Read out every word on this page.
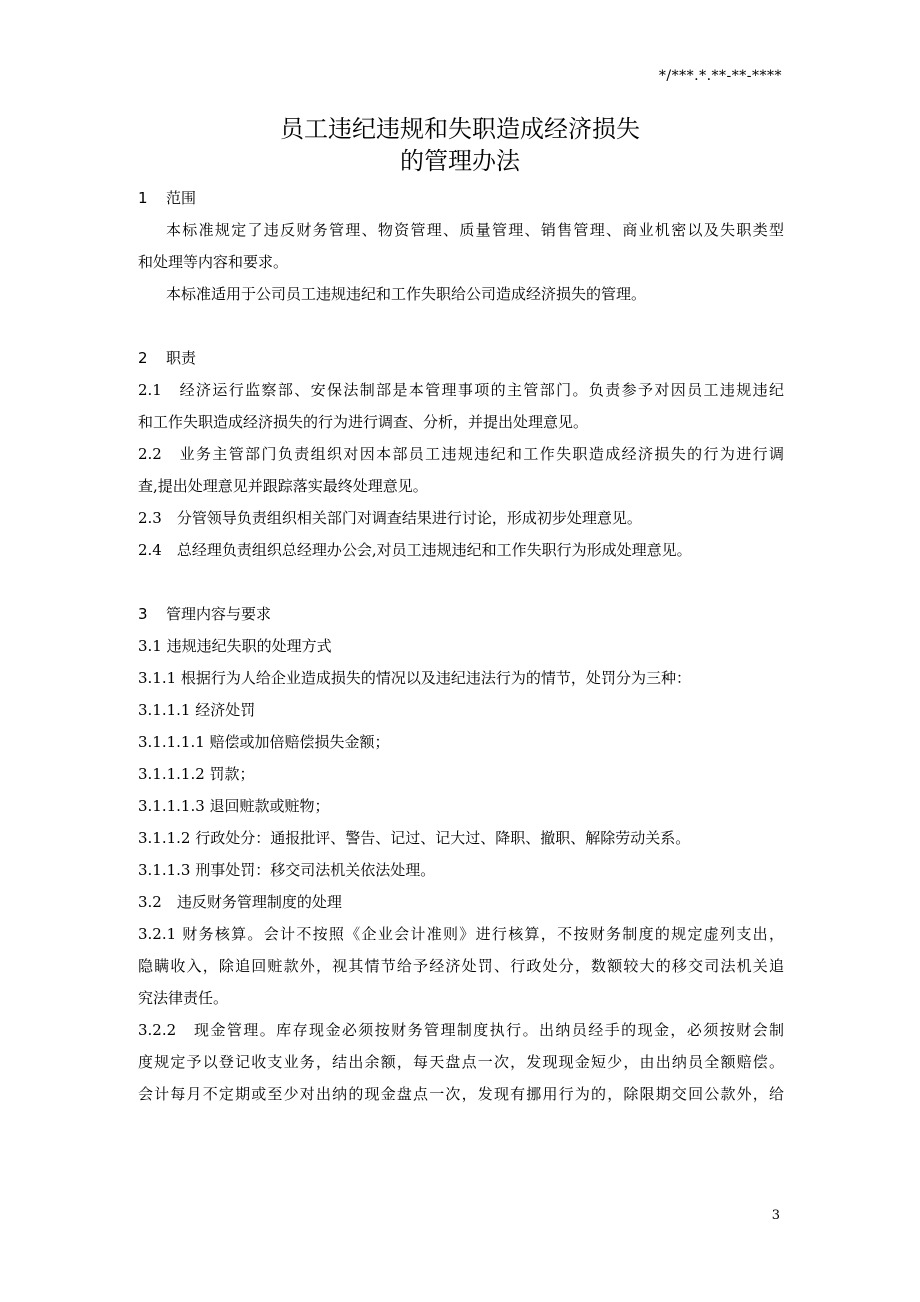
*/***.*.**-**-****
员工违纪违规和失职造成经济损失
的管理办法
1 范围
本标准规定了违反财务管理、物资管理、质量管理、销售管理、商业机密以及失职类型
和处理等内容和要求。
本标准适用于公司员工违规违纪和工作失职给公司造成经济损失的管理。
2 职责
2.1　经济运行监察部、安保法制部是本管理事项的主管部门。负责参予对因员工违规违纪
和工作失职造成经济损失的行为进行调查、分析，并提出处理意见。
2.2　业务主管部门负责组织对因本部员工违规违纪和工作失职造成经济损失的行为进行调
查,提出处理意见并跟踪落实最终处理意见。
2.3　分管领导负责组织相关部门对调查结果进行讨论，形成初步处理意见。
2.4　总经理负责组织总经理办公会,对员工违规违纪和工作失职行为形成处理意见。
3 管理内容与要求
3.1 违规违纪失职的处理方式
3.1.1 根据行为人给企业造成损失的情况以及违纪违法行为的情节，处罚分为三种：
3.1.1.1 经济处罚
3.1.1.1.1 赔偿或加倍赔偿损失金额；
3.1.1.1.2 罚款；
3.1.1.1.3 退回赃款或赃物；
3.1.1.2 行政处分：通报批评、警告、记过、记大过、降职、撤职、解除劳动关系。
3.1.1.3 刑事处罚：移交司法机关依法处理。
3.2　违反财务管理制度的处理
3.2.1 财务核算。会计不按照《企业会计准则》进行核算，不按财务制度的规定虚列支出，
隐瞒收入，除追回赃款外，视其情节给予经济处罚、行政处分，数额较大的移交司法机关追
究法律责任。
3.2.2　现金管理。库存现金必须按财务管理制度执行。出纳员经手的现金，必须按财会制
度规定予以登记收支业务，结出余额，每天盘点一次，发现现金短少，由出纳员全额赔偿。
会计每月不定期或至少对出纳的现金盘点一次，发现有挪用行为的，除限期交回公款外，给
3
